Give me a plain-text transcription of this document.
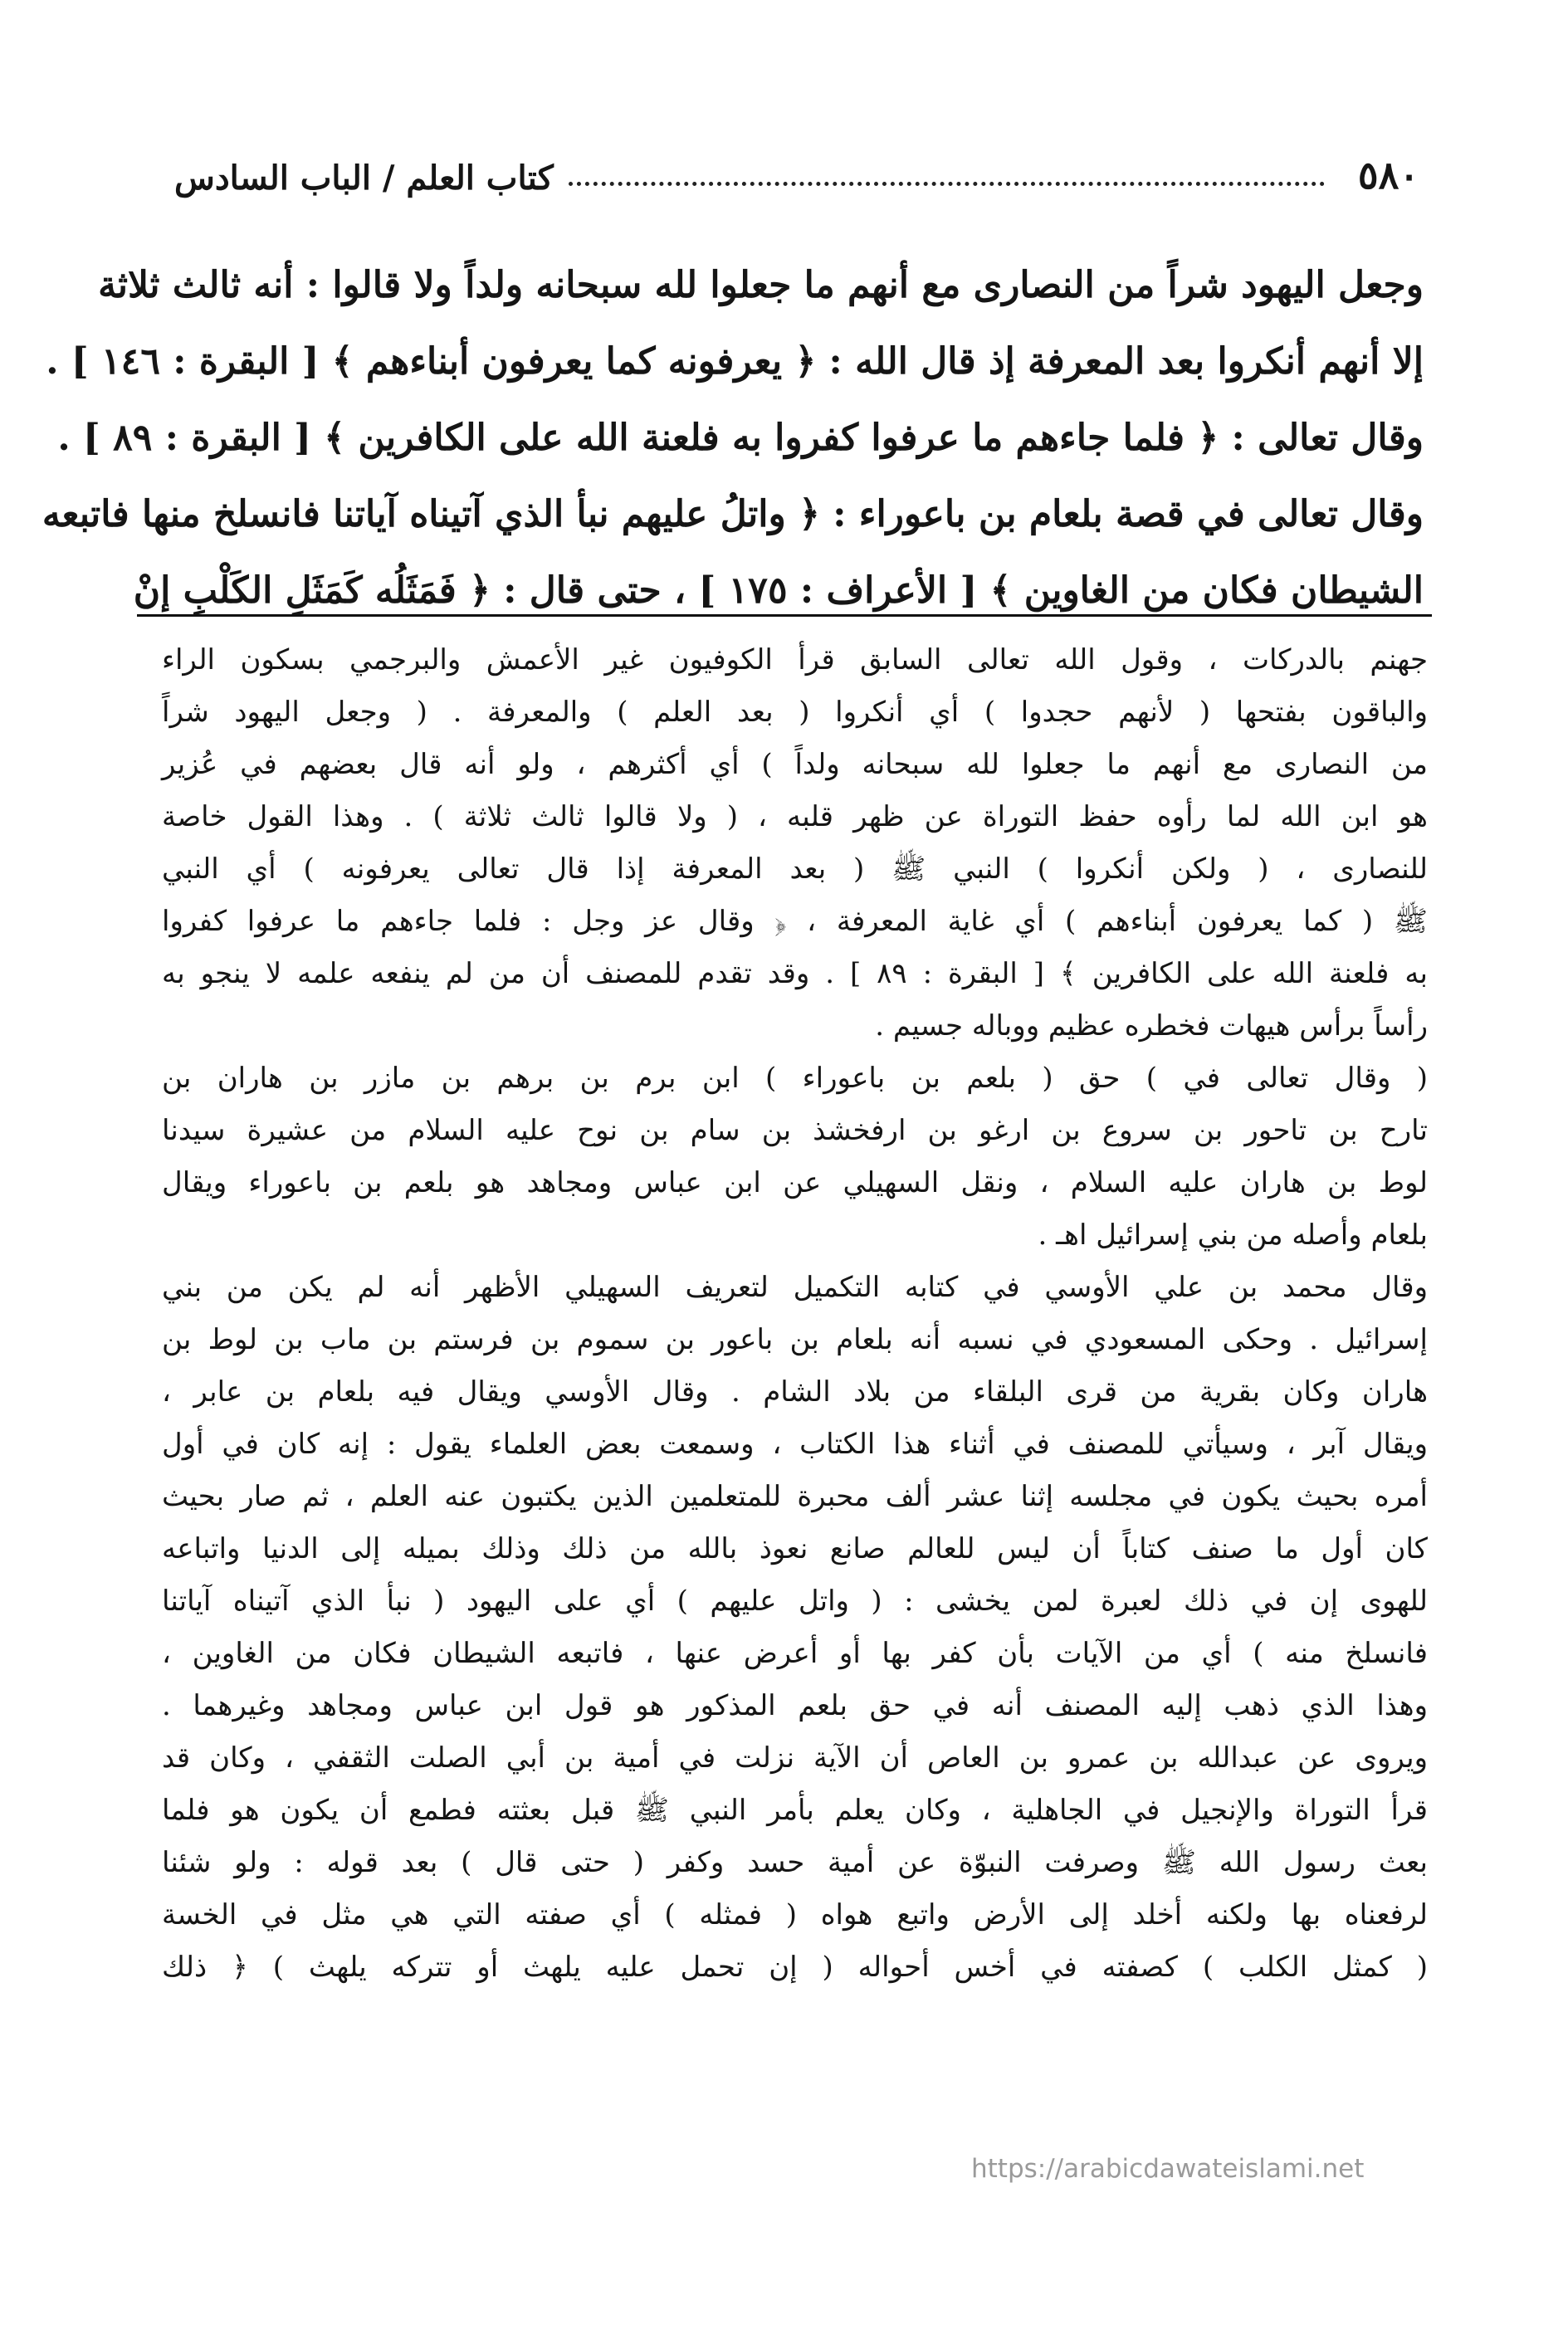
٥٨٠
كتاب العلم / الباب السادس
وجعل اليهود شراً من النصارى مع أنهم ما جعلوا لله سبحانه ولداً ولا قالوا : أنه ثالث ثلاثة
إلا أنهم أنكروا بعد المعرفة إذ قال الله : ﴿ يعرفونه كما يعرفون أبناءهم ﴾ [ البقرة : ١٤٦ ] .
وقال تعالى : ﴿ فلما جاءهم ما عرفوا كفروا به فلعنة الله على الكافرين ﴾ [ البقرة : ٨٩ ] .
وقال تعالى في قصة بلعام بن باعوراء : ﴿ واتلُ عليهم نبأ الذي آتيناه آياتنا فانسلخ منها فاتبعه
الشيطان فكان من الغاوين ﴾ [ الأعراف : ١٧٥ ] ، حتى قال : ﴿ فَمَثَلُه كَمَثَلِ الكَلْبِ إنْ
جهنم بالدركات ، وقول الله تعالى السابق قرأ الكوفيون غير الأعمش والبرجمي بسكون الراء
والباقون بفتحها ( لأنهم حجدوا ) أي أنكروا ( بعد العلم ) والمعرفة . ( وجعل اليهود شراً
من النصارى مع أنهم ما جعلوا لله سبحانه ولداً ) أي أكثرهم ، ولو أنه قال بعضهم في عُزير
هو ابن الله لما رأوه حفظ التوراة عن ظهر قلبه ، ( ولا قالوا ثالث ثلاثة ) . وهذا القول خاصة
للنصارى ، ( ولكن أنكروا ) النبي ﷺ ( بعد المعرفة إذا قال تعالى يعرفونه ) أي النبي
ﷺ ( كما يعرفون أبناءهم ) أي غاية المعرفة ، ﴿ وقال عز وجل : فلما جاءهم ما عرفوا كفروا
به فلعنة الله على الكافرين ﴾ [ البقرة : ٨٩ ] . وقد تقدم للمصنف أن من لم ينفعه علمه لا ينجو به
رأساً برأس هيهات فخطره عظيم ووباله جسيم .
( وقال تعالى في ) حق ( بلعم بن باعوراء ) ابن برم بن برهم بن مازر بن هاران بن
تارح بن تاحور بن سروع بن ارغو بن ارفخشذ بن سام بن نوح عليه السلام من عشيرة سيدنا
لوط بن هاران عليه السلام ، ونقل السهيلي عن ابن عباس ومجاهد هو بلعم بن باعوراء ويقال
بلعام وأصله من بني إسرائيل اهـ .
وقال محمد بن علي الأوسي في كتابه التكميل لتعريف السهيلي الأظهر أنه لم يكن من بني
إسرائيل . وحكى المسعودي في نسبه أنه بلعام بن باعور بن سموم بن فرستم بن ماب بن لوط بن
هاران وكان بقرية من قرى البلقاء من بلاد الشام . وقال الأوسي ويقال فيه بلعام بن عابر ،
ويقال آبر ، وسيأتي للمصنف في أثناء هذا الكتاب ، وسمعت بعض العلماء يقول : إنه كان في أول
أمره بحيث يكون في مجلسه إثنا عشر ألف محبرة للمتعلمين الذين يكتبون عنه العلم ، ثم صار بحيث
كان أول ما صنف كتاباً أن ليس للعالم صانع نعوذ بالله من ذلك وذلك بميله إلى الدنيا واتباعه
للهوى إن في ذلك لعبرة لمن يخشى : ( واتل عليهم ) أي على اليهود ( نبأ الذي آتيناه آياتنا
فانسلخ منه ) أي من الآيات بأن كفر بها أو أعرض عنها ، فاتبعه الشيطان فكان من الغاوين ،
وهذا الذي ذهب إليه المصنف أنه في حق بلعم المذكور هو قول ابن عباس ومجاهد وغيرهما .
ويروى عن عبدالله بن عمرو بن العاص أن الآية نزلت في أمية بن أبي الصلت الثقفي ، وكان قد
قرأ التوراة والإنجيل في الجاهلية ، وكان يعلم بأمر النبي ﷺ قبل بعثته فطمع أن يكون هو فلما
بعث رسول الله ﷺ وصرفت النبوّة عن أمية حسد وكفر ( حتى قال ) بعد قوله : ولو شئنا
لرفعناه بها ولكنه أخلد إلى الأرض واتبع هواه ( فمثله ) أي صفته التي هي مثل في الخسة
( كمثل الكلب ) كصفته في أخس أحواله ( إن تحمل عليه يلهث أو تتركه يلهث ) ﴿ ذلك
https://arabicdawateislami.net
